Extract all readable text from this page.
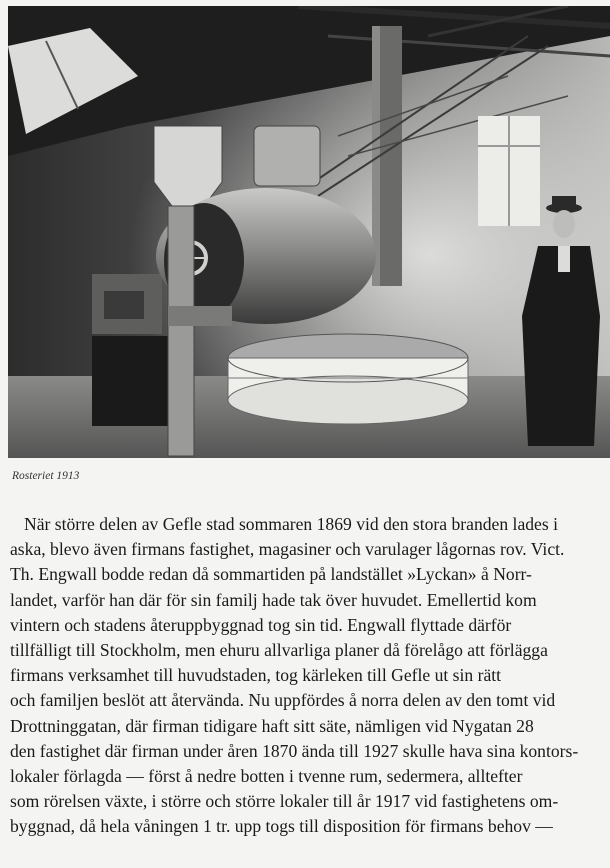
Rosteriet 1913
När större delen av Gefle stad sommaren 1869 vid den stora branden lades i
aska, blevo även firmans fastighet, magasiner och varulager lågornas rov. Vict.
Th. Engwall bodde redan då sommartiden på landstället »Lyckan» å Norr-
landet, varför han där för sin familj hade tak över huvudet. Emellertid kom
vintern och stadens återuppbyggnad tog sin tid. Engwall flyttade därför
tillfälligt till Stockholm, men ehuru allvarliga planer då förelågo att förlägga
firmans verksamhet till huvudstaden, tog kärleken till Gefle ut sin rätt
och familjen beslöt att återvända. Nu uppfördes å norra delen av den tomt vid
Drottninggatan, där firman tidigare haft sitt säte, nämligen vid Nygatan 28
den fastighet där firman under åren 1870 ända till 1927 skulle hava sina kontors-
lokaler förlagda — först å nedre botten i tvenne rum, sedermera, alltefter
som rörelsen växte, i större och större lokaler till år 1917 vid fastighetens om-
byggnad, då hela våningen 1 tr. upp togs till disposition för firmans behov —
